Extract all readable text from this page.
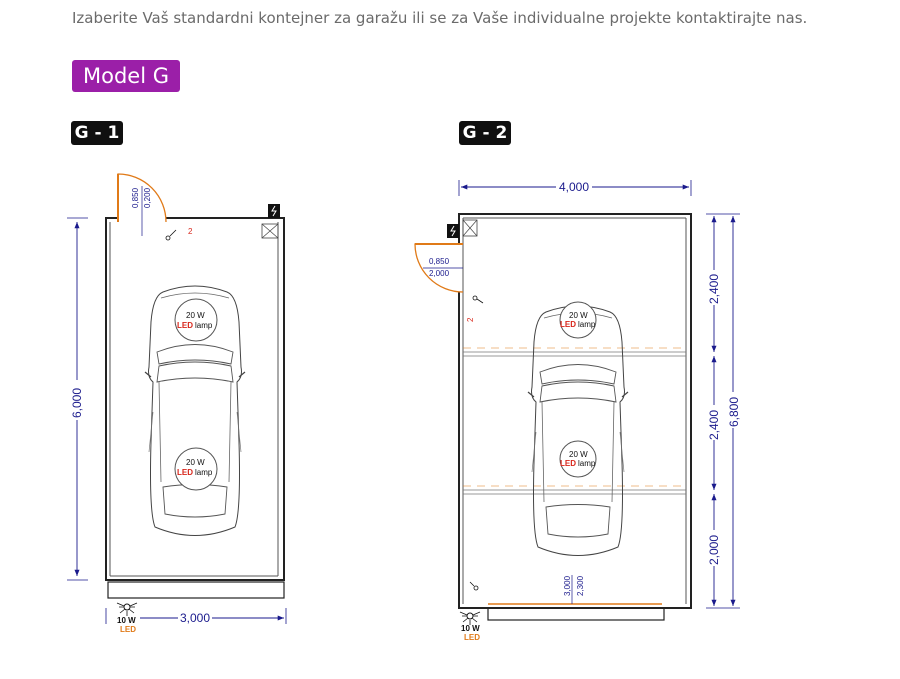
Izaberite Vaš standardni kontejner za garažu ili se za Vaše individualne projekte kontaktirajte nas.
Model G
G - 1	G - 2
0,850 0,200
2
20 W
LED lamp
20 W
LED lamp
6,000
3,000
10 W
LED
3,000 2,300
0,850
2,000
2	20 W
LED lamp
20 W
LED lamp
4,000
2,400
2,400
2,000
6,800
10 W
LED
